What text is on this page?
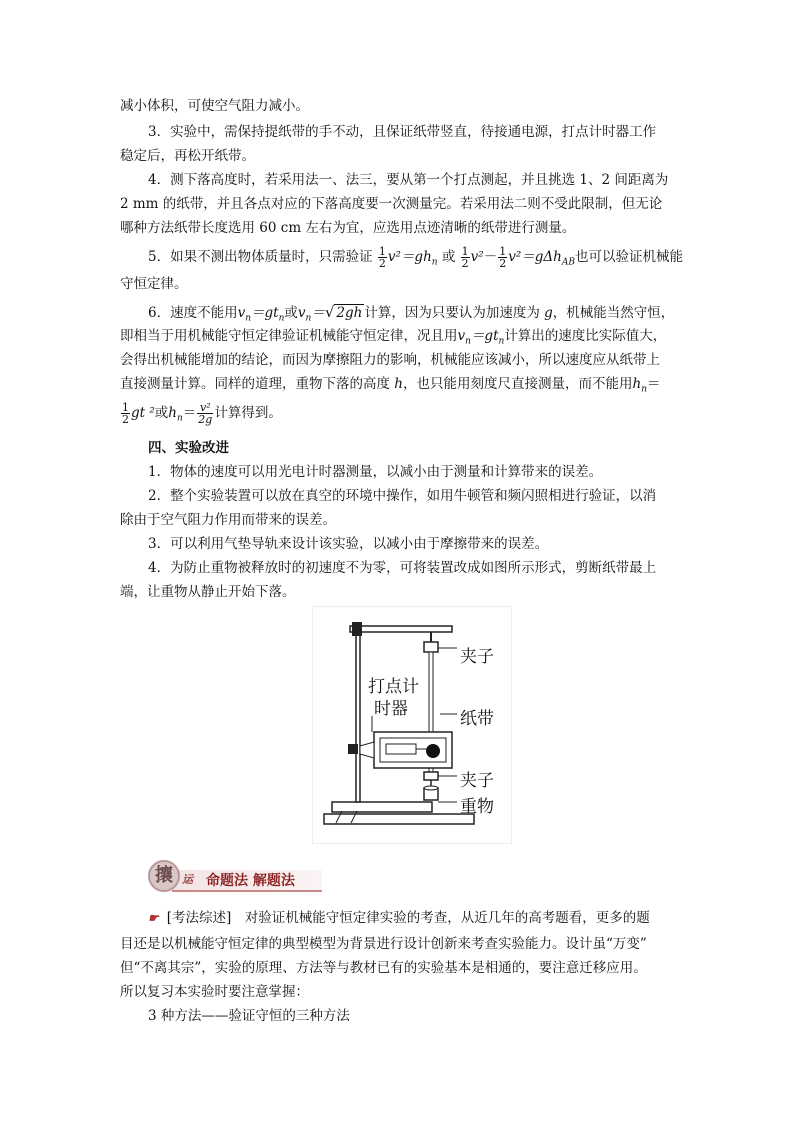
减小体积，可使空气阻力减小。
3．实验中，需保持提纸带的手不动，且保证纸带竖直，待接通电源，打点计时器工作
稳定后，再松开纸带。
4．测下落高度时，若采用法一、法三，要从第一个打点测起，并且挑选 1、2 间距离为
2 mm 的纸带，并且各点对应的下落高度要一次测量完。若采用法二则不受此限制，但无论
哪种方法纸带长度选用 60 cm 左右为宜，应选用点迹清晰的纸带进行测量。
5．如果不测出物体质量时，只需验证 $\frac{1}{2} v^2=gh_n$ 或 $\frac{1}{2} v^2- \frac{1}{2} v^2=g\Delta h_{AB}$也可以验证机械能
守恒定律。
6．速度不能用$v_n=gt_n$或$v_n=√$ 2gh 计算，因为只要认为加速度为 g，机械能当然守恒，
即相当于用机械能守恒定律验证机械能守恒定律，况且用$v_n=gt_n$计算出的速度比实际值大，
会得出机械能增加的结论，而因为摩擦阻力的影响，机械能应该减小，所以速度应从纸带上
直接测量计算。同样的道理，重物下落的高度 h，也只能用刻度尺直接测量，而不能用$h_n=$
$\frac{1}{2}$ gt ²或$h_n= \frac{\text{v²}}{2g}$ 计算得到。
四、实验改进
1．物体的速度可以用光电计时器测量，以减小由于测量和计算带来的误差。
2．整个实验装置可以放在真空的环境中操作，如用牛顿管和频闪照相进行验证，以消
除由于空气阻力作用而带来的误差。
3．可以利用气垫导轨来设计该实验，以减小由于摩擦带来的误差。
4．为防止重物被释放时的初速度不为零，可将装置改成如图所示形式，剪断纸带最上
端，让重物从静止开始下落。
夹子
打点计
时器	纸带
夹子
重物
攘 运 命题法 解题法
☛ [考法综述]　对验证机械能守恒定律实验的考查，从近几年的高考题看，更多的题
目还是以机械能守恒定律的典型模型为背景进行设计创新来考查实验能力。设计虽“万变”
但“不离其宗”，实验的原理、方法等与教材已有的实验基本是相通的，要注意迁移应用。
所以复习本实验时要注意掌握：
3 种方法——验证守恒的三种方法
